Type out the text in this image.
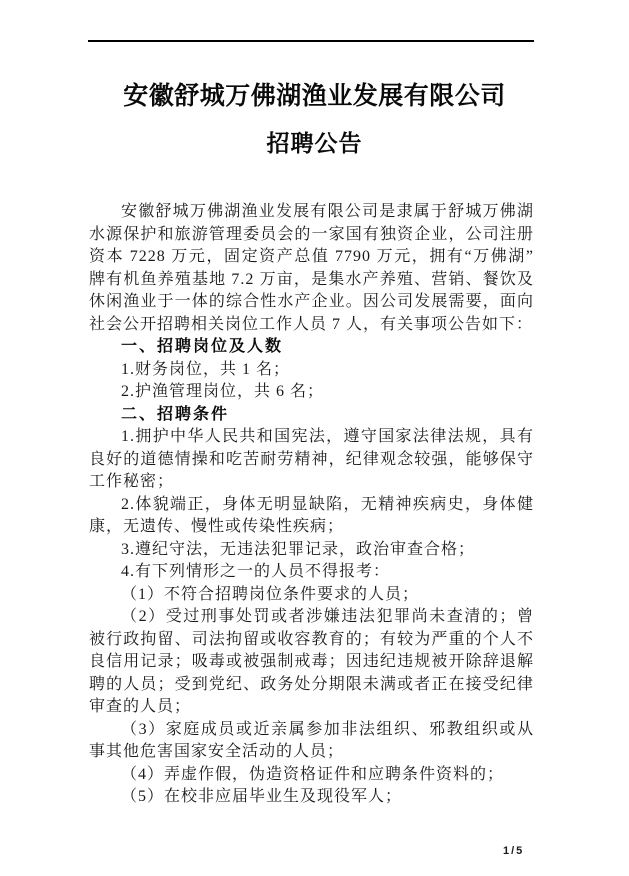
安徽舒城万佛湖渔业发展有限公司
招聘公告

安徽舒城万佛湖渔业发展有限公司是隶属于舒城万佛湖水源保护和旅游管理委员会的一家国有独资企业，公司注册资本 7228 万元，固定资产总值 7790 万元，拥有“万佛湖”牌有机鱼养殖基地 7.2 万亩，是集水产养殖、营销、餐饮及休闲渔业于一体的综合性水产企业。因公司发展需要，面向社会公开招聘相关岗位工作人员 7 人，有关事项公告如下：

一、招聘岗位及人数

1.财务岗位，共 1 名；

2.护渔管理岗位，共 6 名；

二、招聘条件

1.拥护中华人民共和国宪法，遵守国家法律法规，具有良好的道德情操和吃苦耐劳精神，纪律观念较强，能够保守工作秘密；

2.体貌端正，身体无明显缺陷，无精神疾病史，身体健康，无遗传、慢性或传染性疾病；

3.遵纪守法，无违法犯罪记录，政治审查合格；

4.有下列情形之一的人员不得报考：

（1）不符合招聘岗位条件要求的人员；

（2）受过刑事处罚或者涉嫌违法犯罪尚未查清的；曾被行政拘留、司法拘留或收容教育的；有较为严重的个人不良信用记录；吸毒或被强制戒毒；因违纪违规被开除辞退解聘的人员；受到党纪、政务处分期限未满或者正在接受纪律审查的人员；

（3）家庭成员或近亲属参加非法组织、邪教组织或从事其他危害国家安全活动的人员；

（4）弄虚作假，伪造资格证件和应聘条件资料的；

（5）在校非应届毕业生及现役军人；

1/5
